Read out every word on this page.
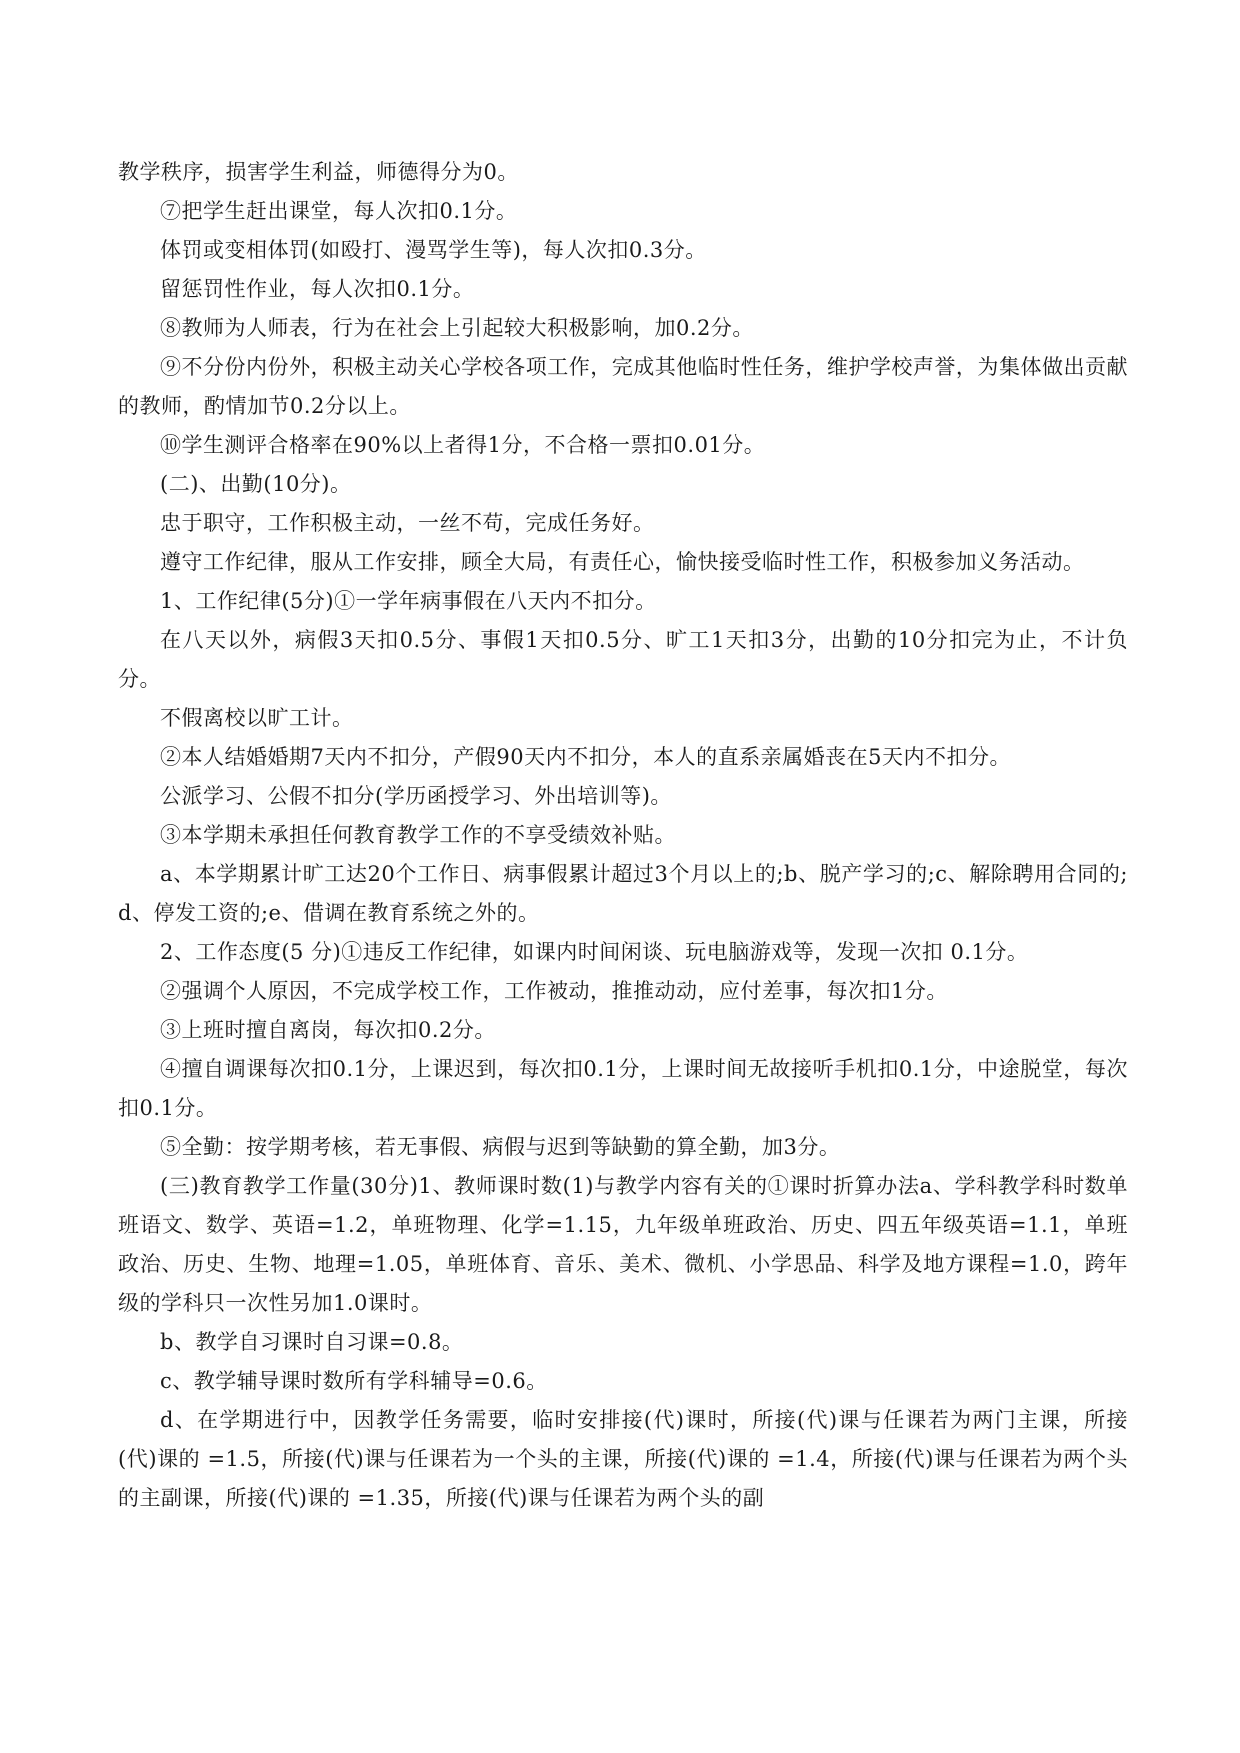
教学秩序，损害学生利益，师德得分为0。

⑦把学生赶出课堂，每人次扣0.1分。

体罚或变相体罚(如殴打、漫骂学生等)，每人次扣0.3分。

留惩罚性作业，每人次扣0.1分。

⑧教师为人师表，行为在社会上引起较大积极影响，加0.2分。

⑨不分份内份外，积极主动关心学校各项工作，完成其他临时性任务，维护学校声誉，为集体做出贡献的教师，酌情加节0.2分以上。

⑩学生测评合格率在90%以上者得1分，不合格一票扣0.01分。

(二)、出勤(10分)。

忠于职守，工作积极主动，一丝不苟，完成任务好。

遵守工作纪律，服从工作安排，顾全大局，有责任心，愉快接受临时性工作，积极参加义务活动。

1、工作纪律(5分)①一学年病事假在八天内不扣分。

在八天以外，病假3天扣0.5分、事假1天扣0.5分、旷工1天扣3分，出勤的10分扣完为止，不计负分。

不假离校以旷工计。

②本人结婚婚期7天内不扣分，产假90天内不扣分，本人的直系亲属婚丧在5天内不扣分。

公派学习、公假不扣分(学历函授学习、外出培训等)。

③本学期未承担任何教育教学工作的不享受绩效补贴。

a、本学期累计旷工达20个工作日、病事假累计超过3个月以上的;b、脱产学习的;c、解除聘用合同的;d、停发工资的;e、借调在教育系统之外的。

2、工作态度(5 分)①违反工作纪律，如课内时间闲谈、玩电脑游戏等，发现一次扣 0.1分。

②强调个人原因，不完成学校工作，工作被动，推推动动，应付差事，每次扣1分。

③上班时擅自离岗，每次扣0.2分。

④擅自调课每次扣0.1分，上课迟到，每次扣0.1分，上课时间无故接听手机扣0.1分，中途脱堂，每次扣0.1分。

⑤全勤：按学期考核，若无事假、病假与迟到等缺勤的算全勤，加3分。

(三)教育教学工作量(30分)1、教师课时数(1)与教学内容有关的①课时折算办法a、学科教学科时数单班语文、数学、英语=1.2，单班物理、化学=1.15，九年级单班政治、历史、四五年级英语=1.1，单班政治、历史、生物、地理=1.05，单班体育、音乐、美术、微机、小学思品、科学及地方课程=1.0，跨年级的学科只一次性另加1.0课时。

b、教学自习课时自习课=0.8。

c、教学辅导课时数所有学科辅导=0.6。

d、在学期进行中，因教学任务需要，临时安排接(代)课时，所接(代)课与任课若为两门主课，所接(代)课的 =1.5，所接(代)课与任课若为一个头的主课，所接(代)课的 =1.4，所接(代)课与任课若为两个头的主副课，所接(代)课的 =1.35，所接(代)课与任课若为两个头的副
